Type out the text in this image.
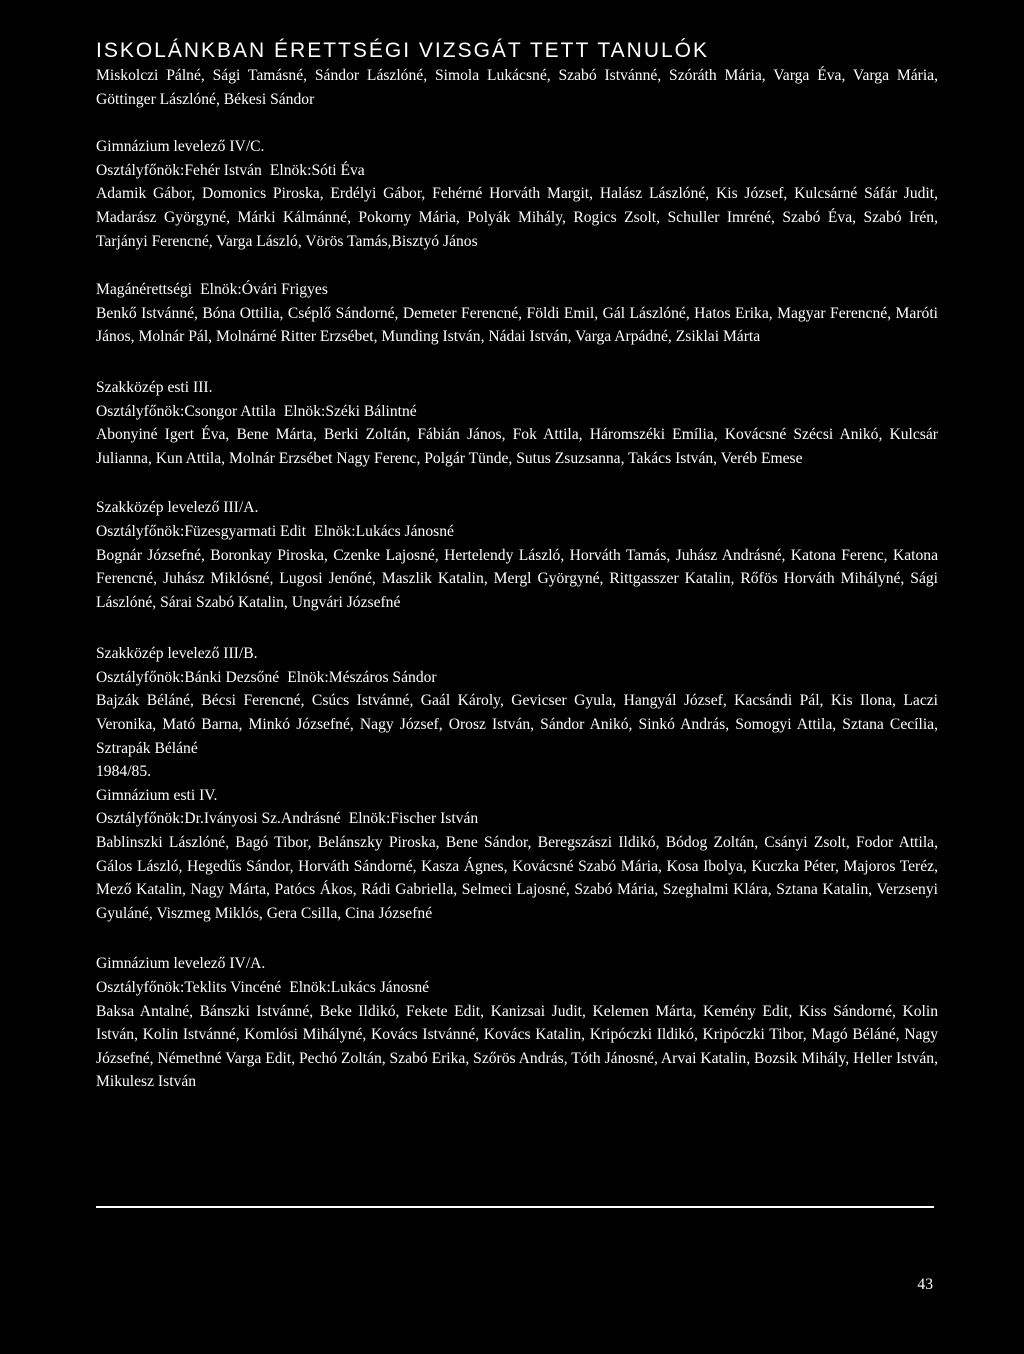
ISKOLÁNKBAN ÉRETTSÉGI VIZSGÁT TETT TANULÓK

Miskolczi Pálné, Sági Tamásné, Sándor Lászlóné, Simola Lukácsné, Szabó Istvánné, Szóráth Mária, Varga Éva, Varga Mária, Göttinger Lászlóné, Békesi Sándor

Gimnázium levelező IV/C.

Osztályfőnök:Fehér István Elnök:Sóti Éva

Adamik Gábor, Domonics Piroska, Erdélyi Gábor, Fehérné Horváth Margit, Halász Lászlóné, Kis József, Kulcsárné Sáfár Judit, Madarász Györgyné, Márki Kálmánné, Pokorny Mária, Polyák Mihály, Rogics Zsolt, Schuller Imréné, Szabó Éva, Szabó Irén, Tarjányi Ferencné, Varga László, Vörös Tamás,Bisztyó János

Magánérettségi Elnök:Óvári Frigyes

Benkő Istvánné, Bóna Ottilia, Cséplő Sándorné, Demeter Ferencné, Földi Emil, Gál Lászlóné, Hatos Erika, Magyar Ferencné, Maróti János, Molnár Pál, Molnárné Ritter Erzsébet, Munding István, Nádai István, Varga Arpádné, Zsiklai Márta

Szakközép esti III.

Osztályfőnök:Csongor Attila Elnök:Széki Bálintné

Abonyiné Igert Éva, Bene Márta, Berki Zoltán, Fábián János, Fok Attila, Háromszéki Emília, Kovácsné Szécsi Anikó, Kulcsár Julianna, Kun Attila, Molnár Erzsébet Nagy Ferenc, Polgár Tünde, Sutus Zsuzsanna, Takács István, Veréb Emese

Szakközép levelező III/A.

Osztályfőnök:Füzesgyarmati Edit Elnök:Lukács Jánosné

Bognár Józsefné, Boronkay Piroska, Czenke Lajosné, Hertelendy László, Horváth Tamás, Juhász Andrásné, Katona Ferenc, Katona Ferencné, Juhász Miklósné, Lugosi Jenőné, Maszlik Katalin, Mergl Györgyné, Rittgasszer Katalin, Rőfös Horváth Mihályné, Sági Lászlóné, Sárai Szabó Katalin, Ungvári Józsefné

Szakközép levelező III/B.

Osztályfőnök:Bánki Dezsőné Elnök:Mészáros Sándor

Bajzák Béláné, Bécsi Ferencné, Csúcs Istvánné, Gaál Károly, Gevicser Gyula, Hangyál József, Kacsándi Pál, Kis Ilona, Laczi Veronika, Mató Barna, Minkó Józsefné, Nagy József, Orosz István, Sándor Anikó, Sinkó András, Somogyi Attila, Sztana Cecília, Sztrapák Béláné

1984/85.

Gimnázium esti IV.

Osztályfőnök:Dr.Iványosi Sz.Andrásné Elnök:Fischer István

Bablinszki Lászlóné, Bagó Tibor, Belánszky Piroska, Bene Sándor, Beregszászi Ildikó, Bódog Zoltán, Csányi Zsolt, Fodor Attila, Gálos László, Hegedűs Sándor, Horváth Sándorné, Kasza Ágnes, Kovácsné Szabó Mária, Kosa Ibolya, Kuczka Péter, Majoros Teréz, Mező Katalin, Nagy Márta, Patócs Ákos, Rádi Gabriella, Selmeci Lajosné, Szabó Mária, Szeghalmi Klára, Sztana Katalin, Verzsenyi Gyuláné, Viszmeg Miklós, Gera Csilla, Cina Józsefné

Gimnázium levelező IV/A.

Osztályfőnök:Teklits Vincéné Elnök:Lukács Jánosné

Baksa Antalné, Bánszki Istvánné, Beke Ildikó, Fekete Edit, Kanizsai Judit, Kelemen Márta, Kemény Edit, Kiss Sándorné, Kolin István, Kolin Istvánné, Komlósi Mihályné, Kovács Istvánné, Kovács Katalin, Kripóczki Ildikó, Kripóczki Tibor, Magó Béláné, Nagy Józsefné, Némethné Varga Edit, Pechó Zoltán, Szabó Erika, Szőrös András, Tóth Jánosné, Arvai Katalin, Bozsik Mihály, Heller István, Mikulesz István

43
